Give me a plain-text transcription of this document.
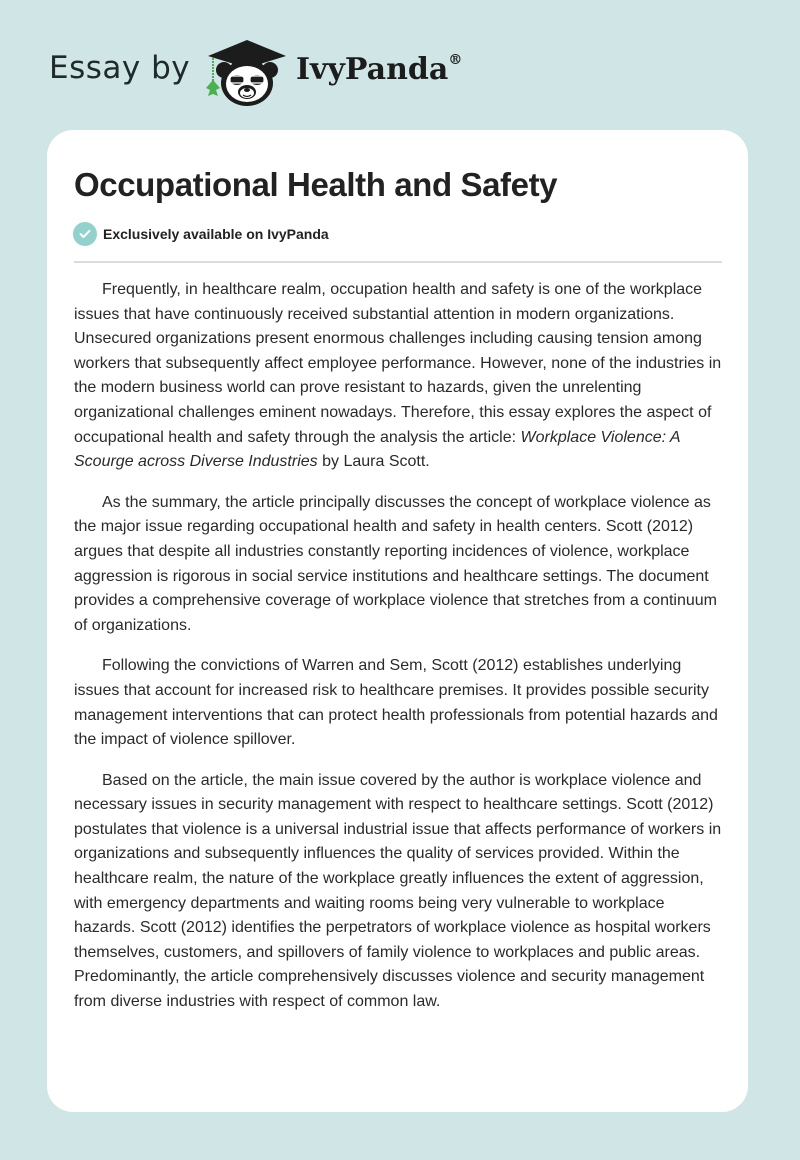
Essay by	IvyPanda®
Occupational Health and Safety
Exclusively available on IvyPanda

Frequently, in healthcare realm, occupation health and safety is one of the workplace issues that have continuously received substantial attention in modern organizations. Unsecured organizations present enormous challenges including causing tension among workers that subsequently affect employee performance. However, none of the industries in the modern business world can prove resistant to hazards, given the unrelenting organizational challenges eminent nowadays. Therefore, this essay explores the aspect of occupational health and safety through the analysis the article: Workplace Violence: A Scourge across Diverse Industries by Laura Scott.

As the summary, the article principally discusses the concept of workplace violence as the major issue regarding occupational health and safety in health centers. Scott (2012) argues that despite all industries constantly reporting incidences of violence, workplace aggression is rigorous in social service institutions and healthcare settings. The document provides a comprehensive coverage of workplace violence that stretches from a continuum of organizations.

Following the convictions of Warren and Sem, Scott (2012) establishes underlying issues that account for increased risk to healthcare premises. It provides possible security management interventions that can protect health professionals from potential hazards and the impact of violence spillover.

Based on the article, the main issue covered by the author is workplace violence and necessary issues in security management with respect to healthcare settings. Scott (2012) postulates that violence is a universal industrial issue that affects performance of workers in organizations and subsequently influences the quality of services provided. Within the healthcare realm, the nature of the workplace greatly influences the extent of aggression, with emergency departments and waiting rooms being very vulnerable to workplace hazards. Scott (2012) identifies the perpetrators of workplace violence as hospital workers themselves, customers, and spillovers of family violence to workplaces and public areas. Predominantly, the article comprehensively discusses violence and security management from diverse industries with respect of common law.
